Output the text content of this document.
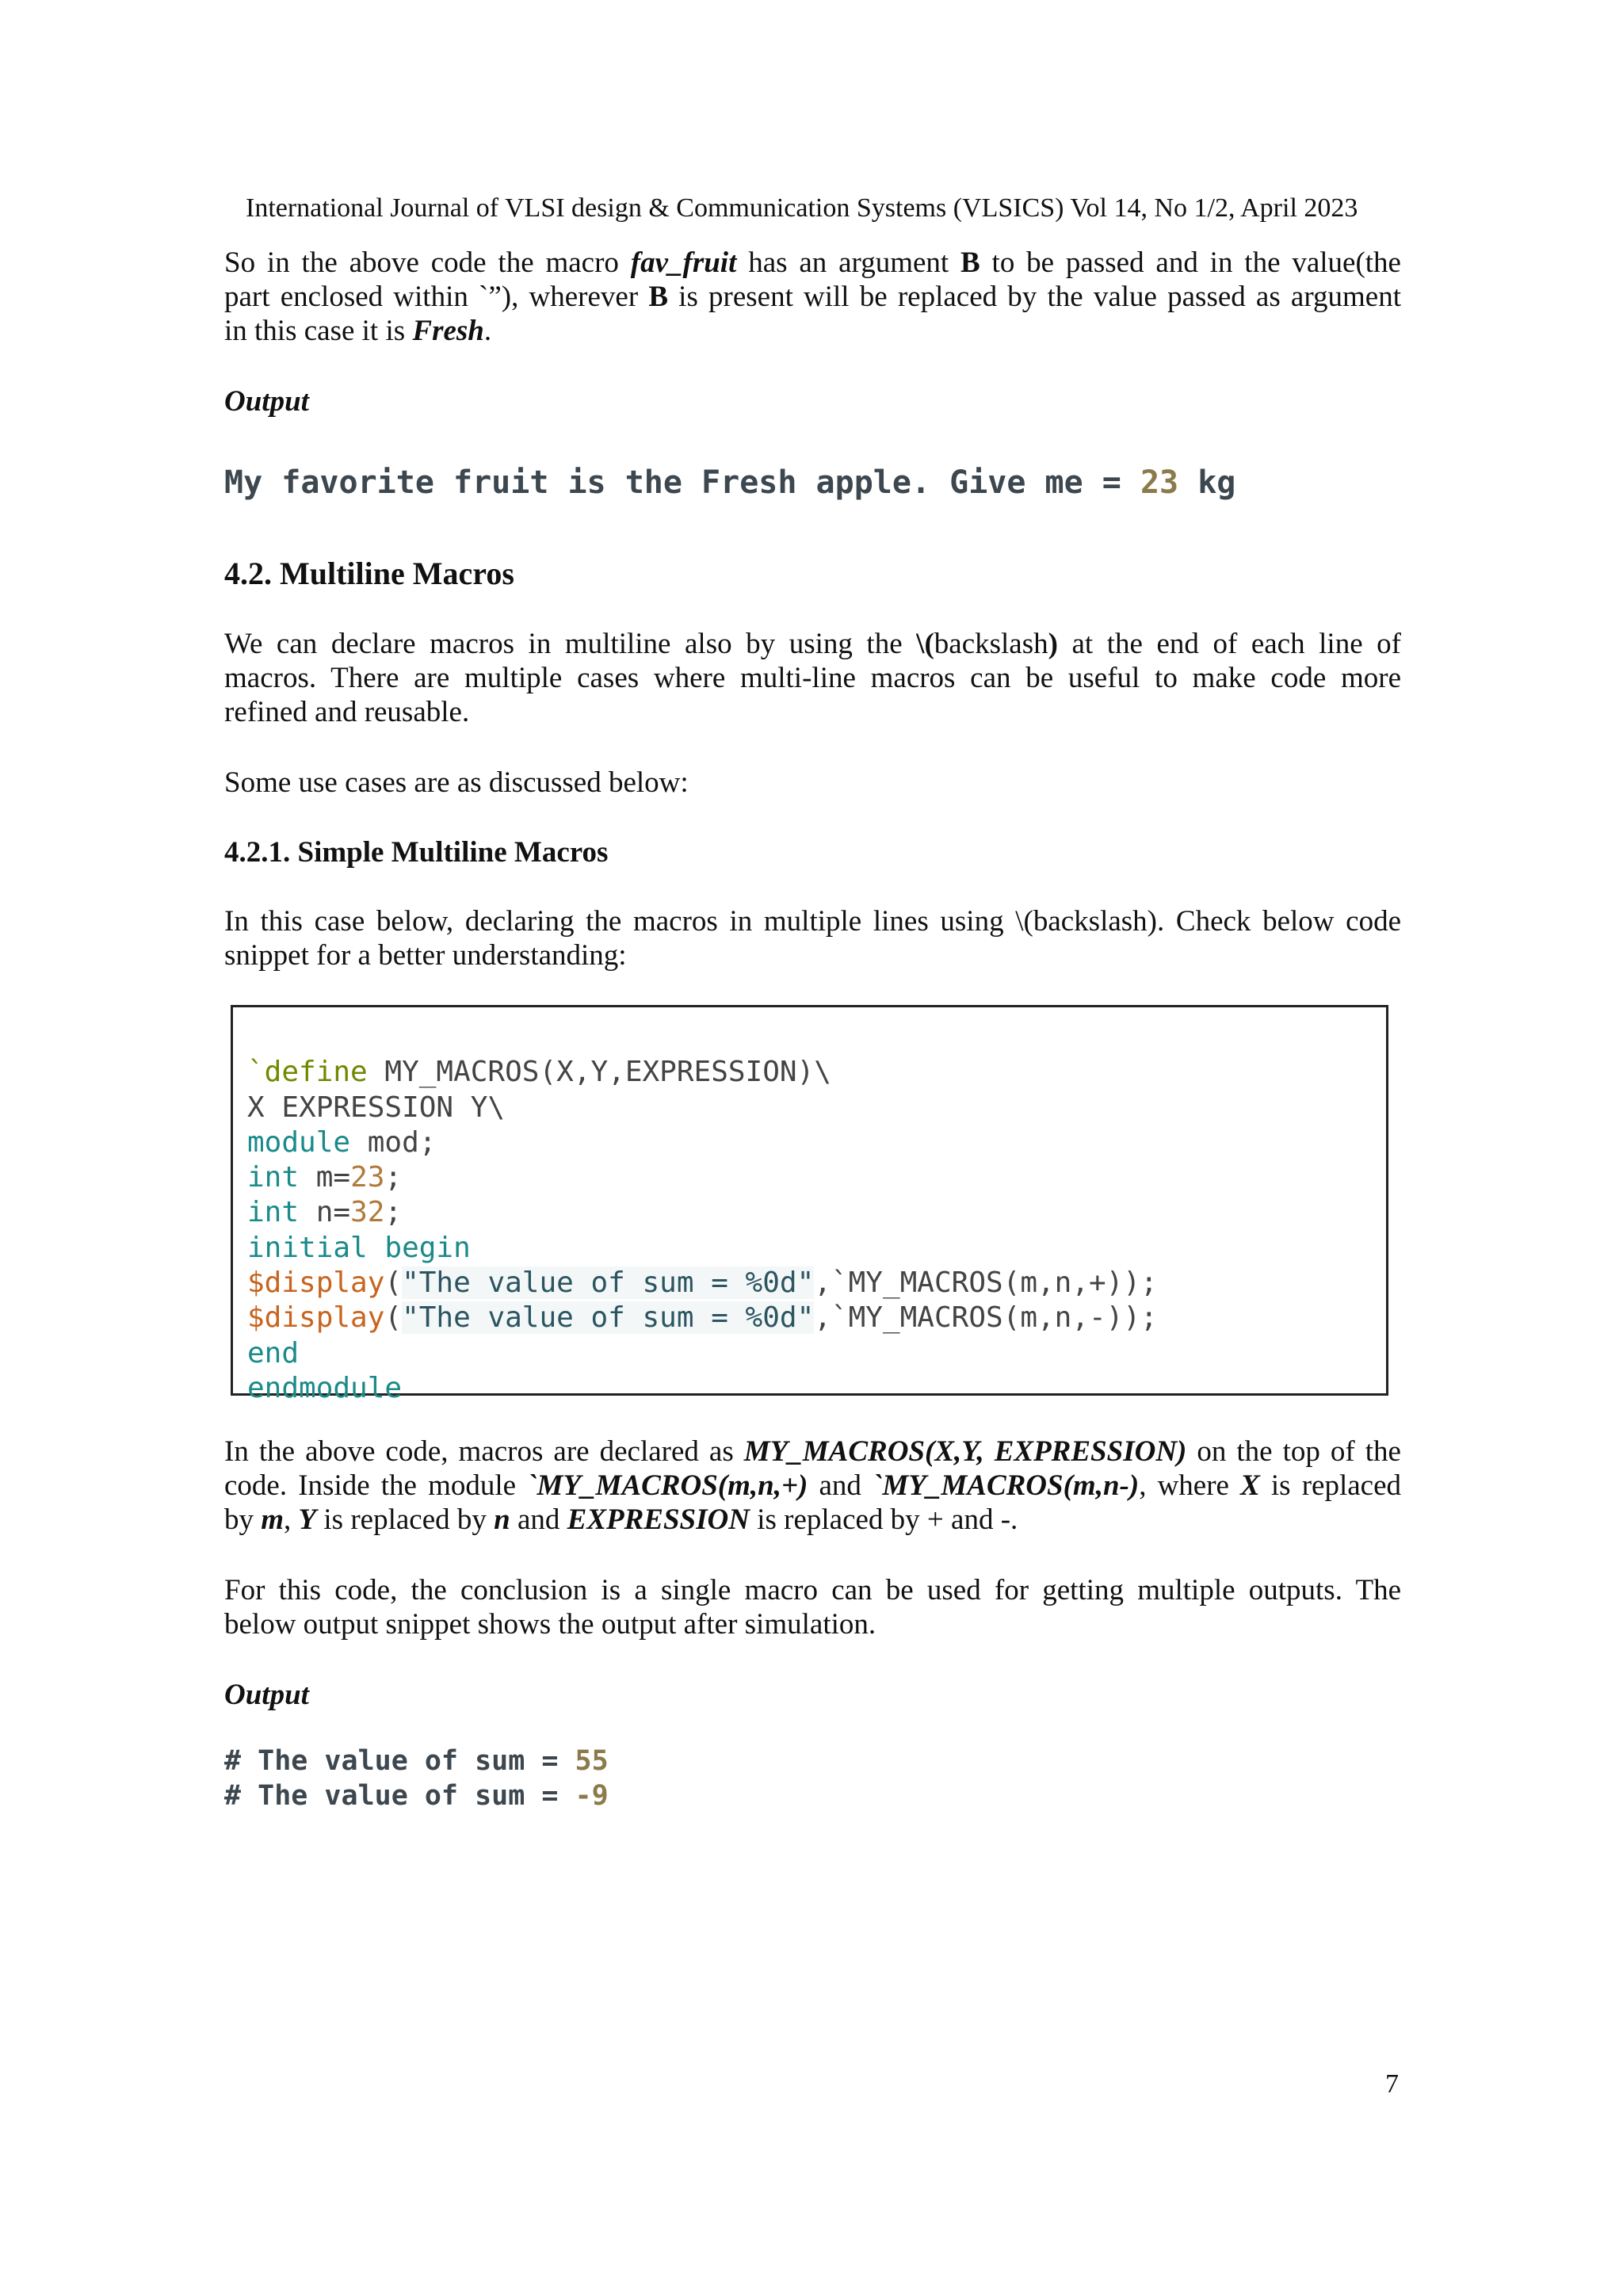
International Journal of VLSI design & Communication Systems (VLSICS) Vol 14, No 1/2, April 2023
So in the above code the macro fav_fruit has an argument B to be passed and in the value(the
part enclosed within `”), wherever B is present will be replaced by the value passed as argument
in this case it is Fresh.
Output
My favorite fruit is the Fresh apple. Give me = 23 kg
4.2. Multiline Macros
We can declare macros in multiline also by using the \(backslash) at the end of each line of
macros. There are multiple cases where multi-line macros can be useful to make code more
refined and reusable.
Some use cases are as discussed below:
4.2.1. Simple Multiline Macros
In this case below, declaring the macros in multiple lines using \(backslash). Check below code
snippet for a better understanding:

`define MY_MACROS(X,Y,EXPRESSION)\
X EXPRESSION Y\
module mod;
int m=23;
int n=32;
initial begin
$display("The value of sum = %0d",`MY_MACROS(m,n,+));
$display("The value of sum = %0d",`MY_MACROS(m,n,-));
end
endmodule
In the above code, macros are declared as MY_MACROS(X,Y, EXPRESSION) on the top of the
code. Inside the module `MY_MACROS(m,n,+) and `MY_MACROS(m,n-), where X is replaced
by m, Y is replaced by n and EXPRESSION is replaced by + and -.
For this code, the conclusion is a single macro can be used for getting multiple outputs. The
below output snippet shows the output after simulation.
Output
# The value of sum = 55
# The value of sum = -9
7
